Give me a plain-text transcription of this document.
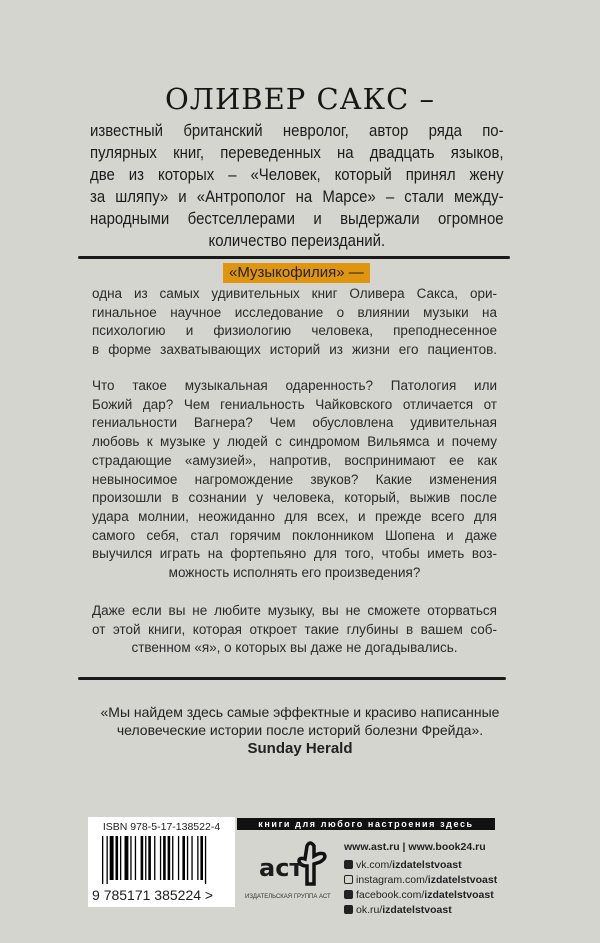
ОЛИВЕР САКС –
известный британский невролог, автор ряда по-
пулярных книг, переведенных на двадцать языков,
две из которых – «Человек, который принял жену
за шляпу» и «Антрополог на Марсе» – стали между-
народными бестселлерами и выдержали огромное
количество переизданий.
«Музыкофилия» —
одна из самых удивительных книг Оливера Сакса, ори-
гинальное научное исследование о влиянии музыки на
психологию и физиологию человека, преподнесенное
в форме захватывающих историй из жизни его пациентов.
Что такое музыкальная одаренность? Патология или
Божий дар? Чем гениальность Чайковского отличается от
гениальности Вагнера? Чем обусловлена удивительная
любовь к музыке у людей с синдромом Вильямса и почему
страдающие «амузией», напротив, воспринимают ее как
невыносимое нагромождение звуков? Какие изменения
произошли в сознании у человека, который, выжив после
удара молнии, неожиданно для всех, и прежде всего для
самого себя, стал горячим поклонником Шопена и даже
выучился играть на фортепьяно для того, чтобы иметь воз-
можность исполнять его произведения?
Даже если вы не любите музыку, вы не сможете оторваться
от этой книги, которая откроет такие глубины в вашем соб-
ственном «я», о которых вы даже не догадывались.
«Мы найдем здесь самые эффектные и красиво написанные
человеческие истории после историй болезни Фрейда».
Sunday Herald
ISBN 978-5-17-138522-4
9 785171 385224 >
книги для любого настроения здесь
аст
ИЗДАТЕЛЬСКАЯ ГРУППА АСТ
www.ast.ru | www.book24.ru
vk.com/izdatelstvoast
instagram.com/izdatelstvoast
facebook.com/izdatelstvoast
ok.ru/izdatelstvoast
